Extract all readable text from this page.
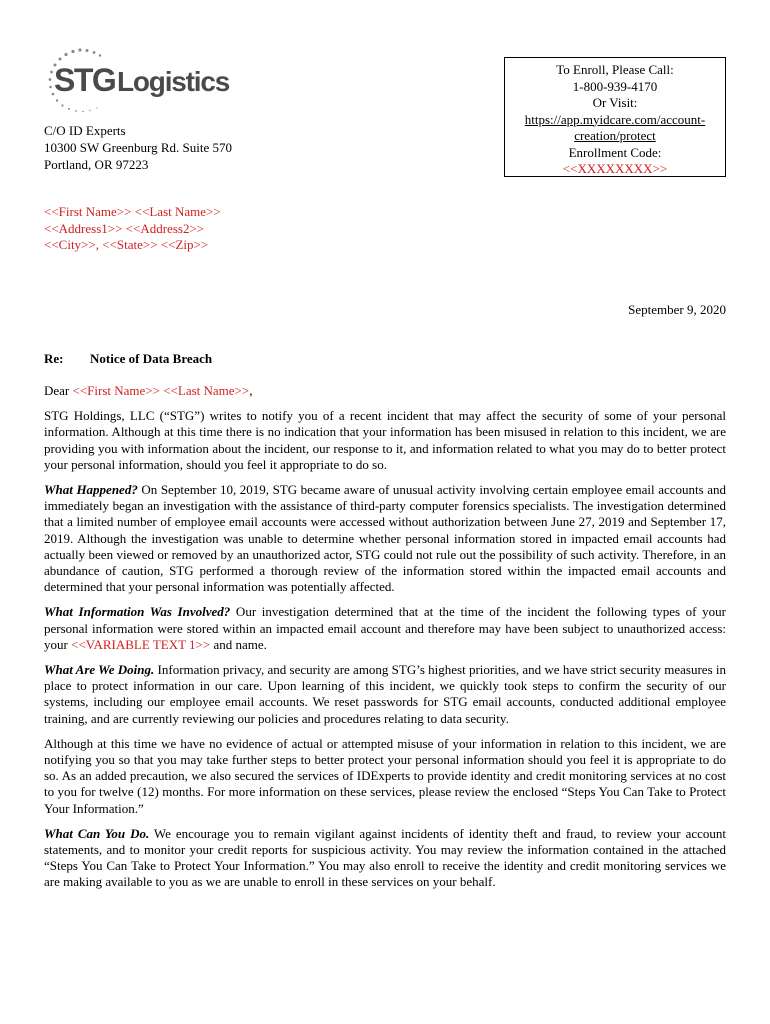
STG Logistics
C/O ID Experts
10300 SW Greenburg Rd. Suite 570
Portland, OR 97223
To Enroll, Please Call:
1-800-939-4170
Or Visit:
https://app.myidcare.com/account-
creation/protect
Enrollment Code:
<<XXXXXXXX>>
<<First Name>> <<Last Name>>
<<Address1>> <<Address2>>
<<City>>, <<State>> <<Zip>>
September 9, 2020
Re: Notice of Data Breach

Dear <<First Name>> <<Last Name>>,

STG Holdings, LLC (“STG”) writes to notify you of a recent incident that may affect the security of some of your personal information. Although at this time there is no indication that your information has been misused in relation to this incident, we are providing you with information about the incident, our response to it, and information related to what you may do to better protect your personal information, should you feel it appropriate to do so.

What Happened? On September 10, 2019, STG became aware of unusual activity involving certain employee email accounts and immediately began an investigation with the assistance of third-party computer forensics specialists. The investigation determined that a limited number of employee email accounts were accessed without authorization between June 27, 2019 and September 17, 2019. Although the investigation was unable to determine whether personal information stored in impacted email accounts had actually been viewed or removed by an unauthorized actor, STG could not rule out the possibility of such activity. Therefore, in an abundance of caution, STG performed a thorough review of the information stored within the impacted email accounts and determined that your personal information was potentially affected.

What Information Was Involved? Our investigation determined that at the time of the incident the following types of your personal information were stored within an impacted email account and therefore may have been subject to unauthorized access: your <<VARIABLE TEXT 1>> and name.

What Are We Doing. Information privacy, and security are among STG’s highest priorities, and we have strict security measures in place to protect information in our care. Upon learning of this incident, we quickly took steps to confirm the security of our systems, including our employee email accounts. We reset passwords for STG email accounts, conducted additional employee training, and are currently reviewing our policies and procedures relating to data security.

Although at this time we have no evidence of actual or attempted misuse of your information in relation to this incident, we are notifying you so that you may take further steps to better protect your personal information should you feel it is appropriate to do so. As an added precaution, we also secured the services of IDExperts to provide identity and credit monitoring services at no cost to you for twelve (12) months. For more information on these services, please review the enclosed “Steps You Can Take to Protect Your Information.”

What Can You Do. We encourage you to remain vigilant against incidents of identity theft and fraud, to review your account statements, and to monitor your credit reports for suspicious activity. You may review the information contained in the attached “Steps You Can Take to Protect Your Information.” You may also enroll to receive the identity and credit monitoring services we are making available to you as we are unable to enroll in these services on your behalf.
